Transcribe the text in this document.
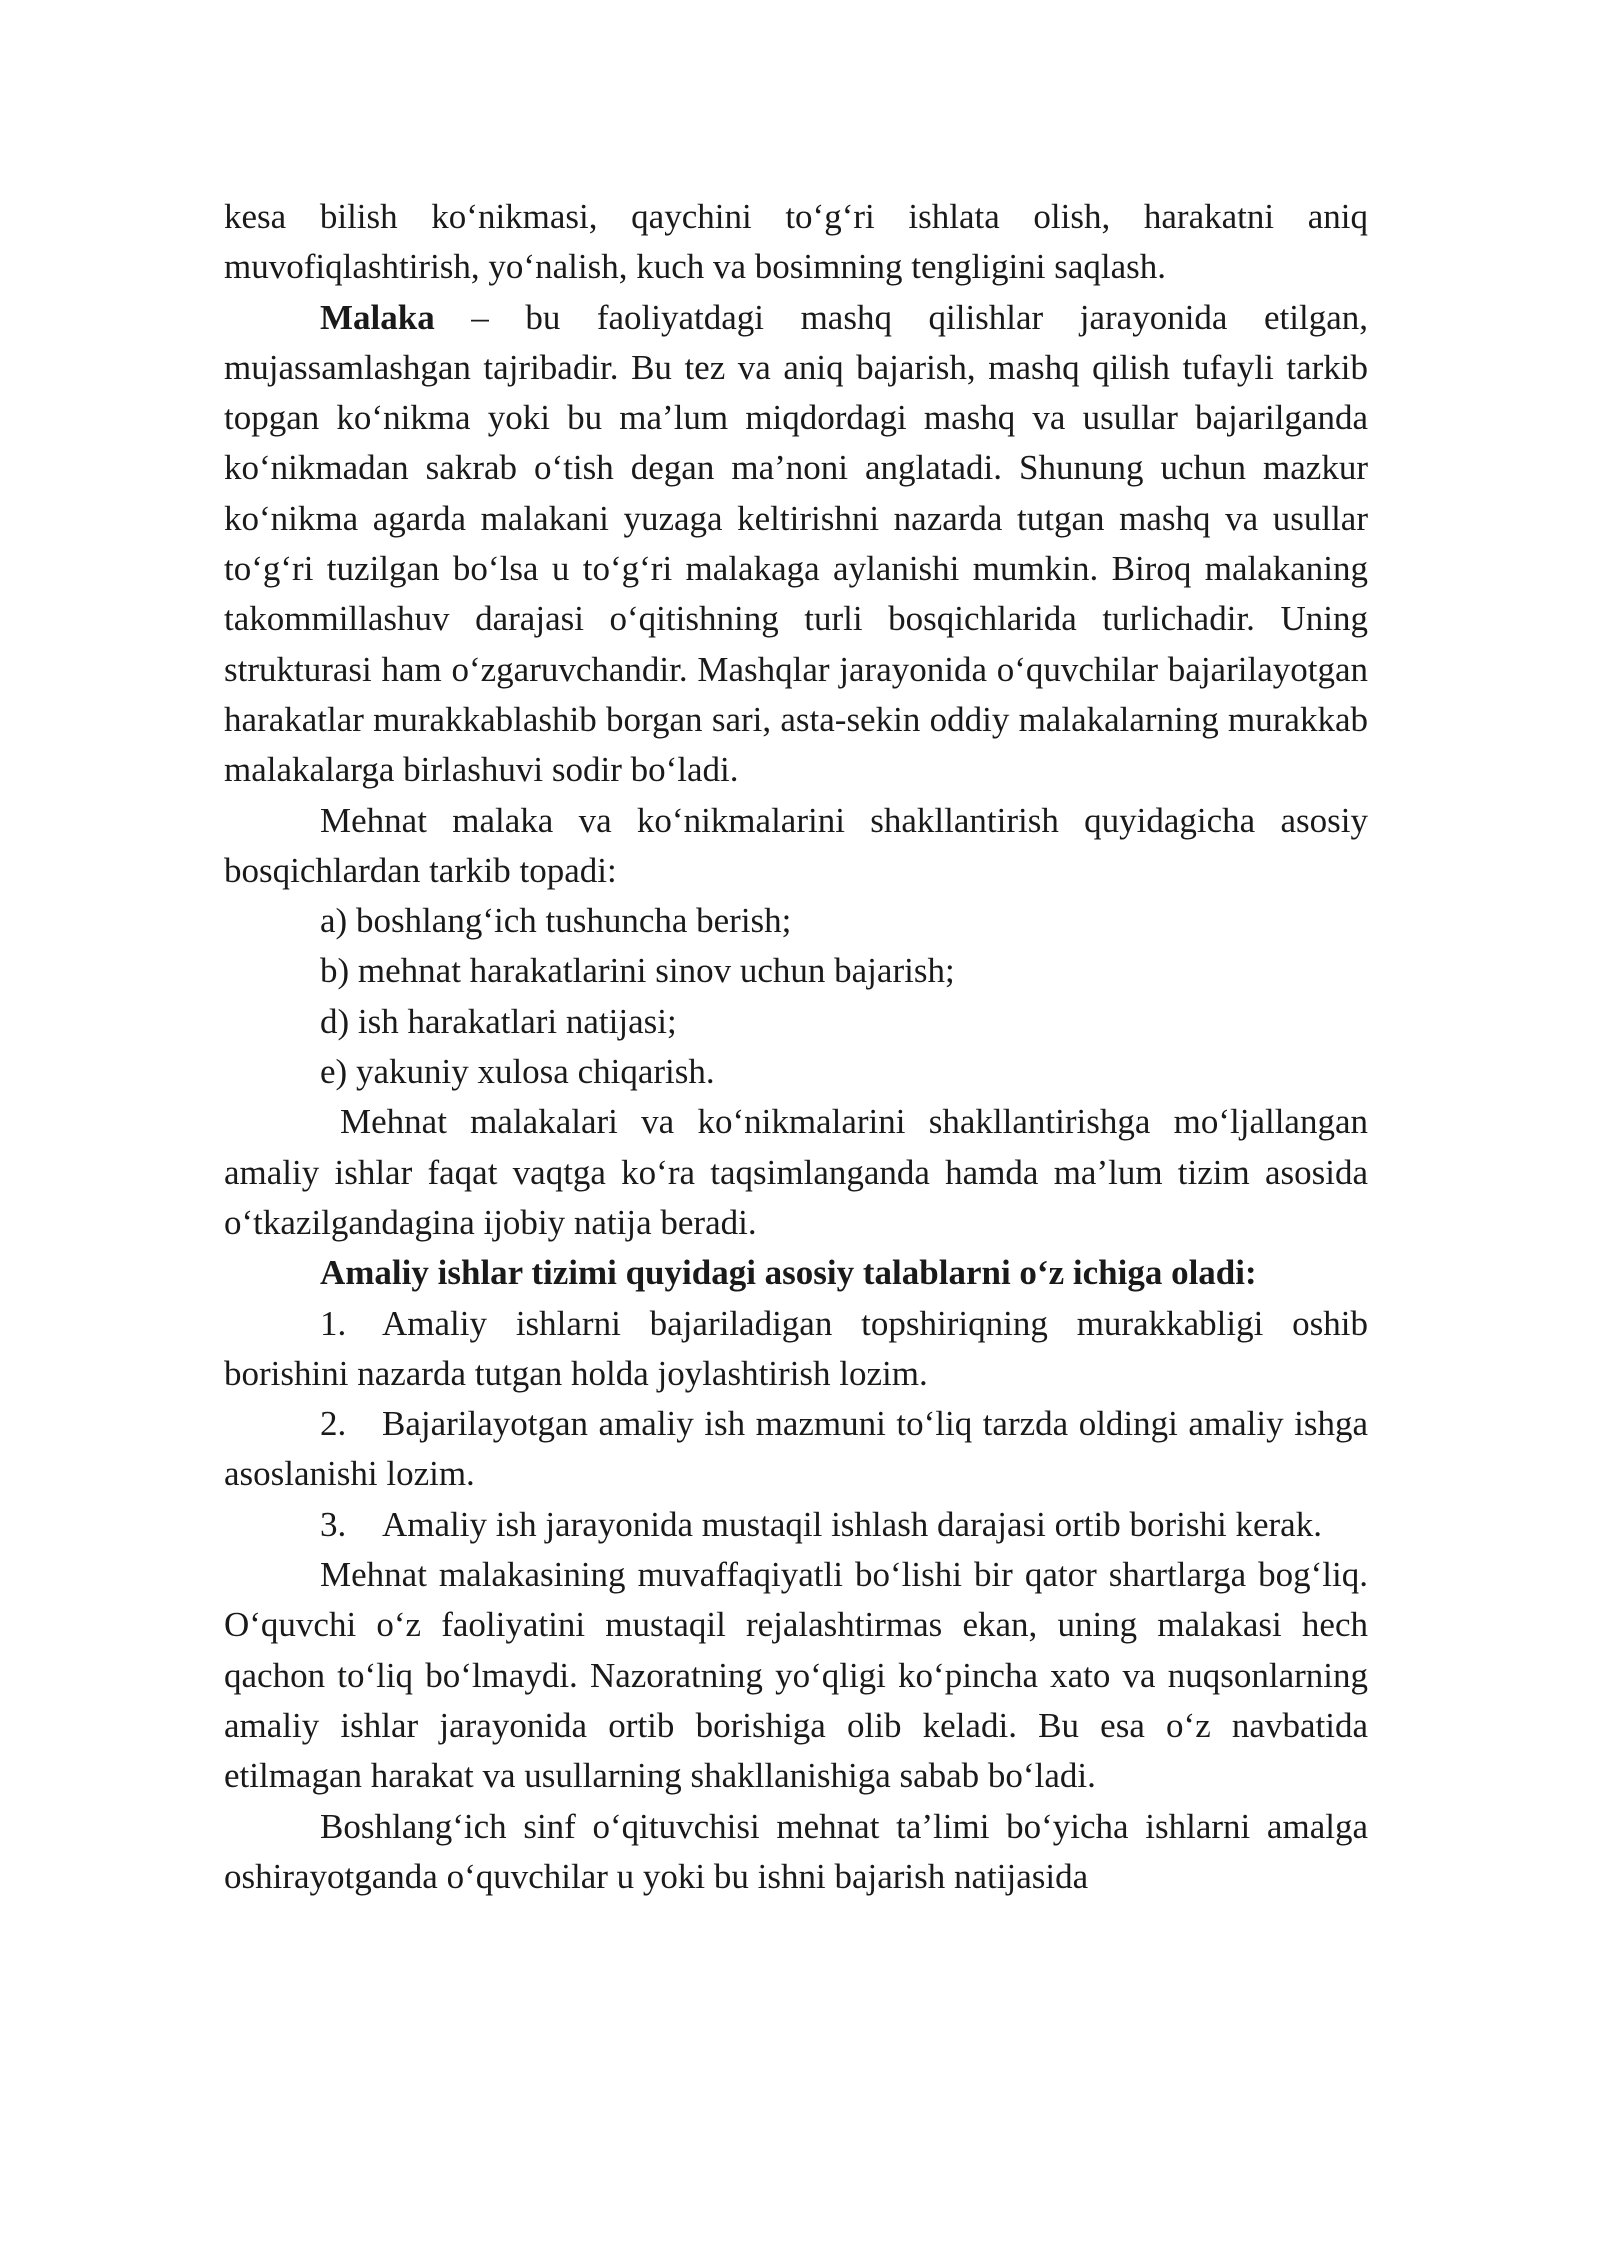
kesa bilish ko‘nikmasi, qaychini to‘g‘ri ishlata olish, harakatni aniq muvofiqlashtirish, yo‘nalish, kuch va bosimning tengligini saqlash.

Malaka – bu faoliyatdagi mashq qilishlar jarayonida etilgan, mujassamlashgan tajribadir. Bu tez va aniq bajarish, mashq qilish tufayli tarkib topgan ko‘nikma yoki bu ma’lum miqdordagi mashq va usullar bajarilganda ko‘nikmadan sakrab o‘tish degan ma’noni anglatadi. Shunung uchun mazkur ko‘nikma agarda malakani yuzaga keltirishni nazarda tutgan mashq va usullar to‘g‘ri tuzilgan bo‘lsa u to‘g‘ri malakaga aylanishi mumkin. Biroq malakaning takommillashuv darajasi o‘qitishning turli bosqichlarida turlichadir. Uning strukturasi ham o‘zgaruvchandir. Mashqlar jarayonida o‘quvchilar bajarilayotgan harakatlar murakkablashib borgan sari, asta-sekin oddiy malakalarning murakkab malakalarga birlashuvi sodir bo‘ladi.

Mehnat malaka va ko‘nikmalarini shakllantirish quyidagicha asosiy bosqichlardan tarkib topadi:

a) boshlang‘ich tushuncha berish;

b) mehnat harakatlarini sinov uchun bajarish;

d) ish harakatlari natijasi;

e) yakuniy xulosa chiqarish.

Mehnat malakalari va ko‘nikmalarini shakllantirishga mo‘ljallangan amaliy ishlar faqat vaqtga ko‘ra taqsimlanganda hamda ma’lum tizim asosida o‘tkazilgandagina ijobiy natija beradi.

Amaliy ishlar tizimi quyidagi asosiy talablarni o‘z ichiga oladi:

1. Amaliy ishlarni bajariladigan topshiriqning murakkabligi oshib borishini nazarda tutgan holda joylashtirish lozim.

2. Bajarilayotgan amaliy ish mazmuni to‘liq tarzda oldingi amaliy ishga asoslanishi lozim.

3. Amaliy ish jarayonida mustaqil ishlash darajasi ortib borishi kerak.

Mehnat malakasining muvaffaqiyatli bo‘lishi bir qator shartlarga bog‘liq. O‘quvchi o‘z faoliyatini mustaqil rejalashtirmas ekan, uning malakasi hech qachon to‘liq bo‘lmaydi. Nazoratning yo‘qligi ko‘pincha xato va nuqsonlarning amaliy ishlar jarayonida ortib borishiga olib keladi. Bu esa o‘z navbatida etilmagan harakat va usullarning shakllanishiga sabab bo‘ladi.

Boshlang‘ich sinf o‘qituvchisi mehnat ta’limi bo‘yicha ishlarni amalga oshirayotganda o‘quvchilar u yoki bu ishni bajarish natijasida
